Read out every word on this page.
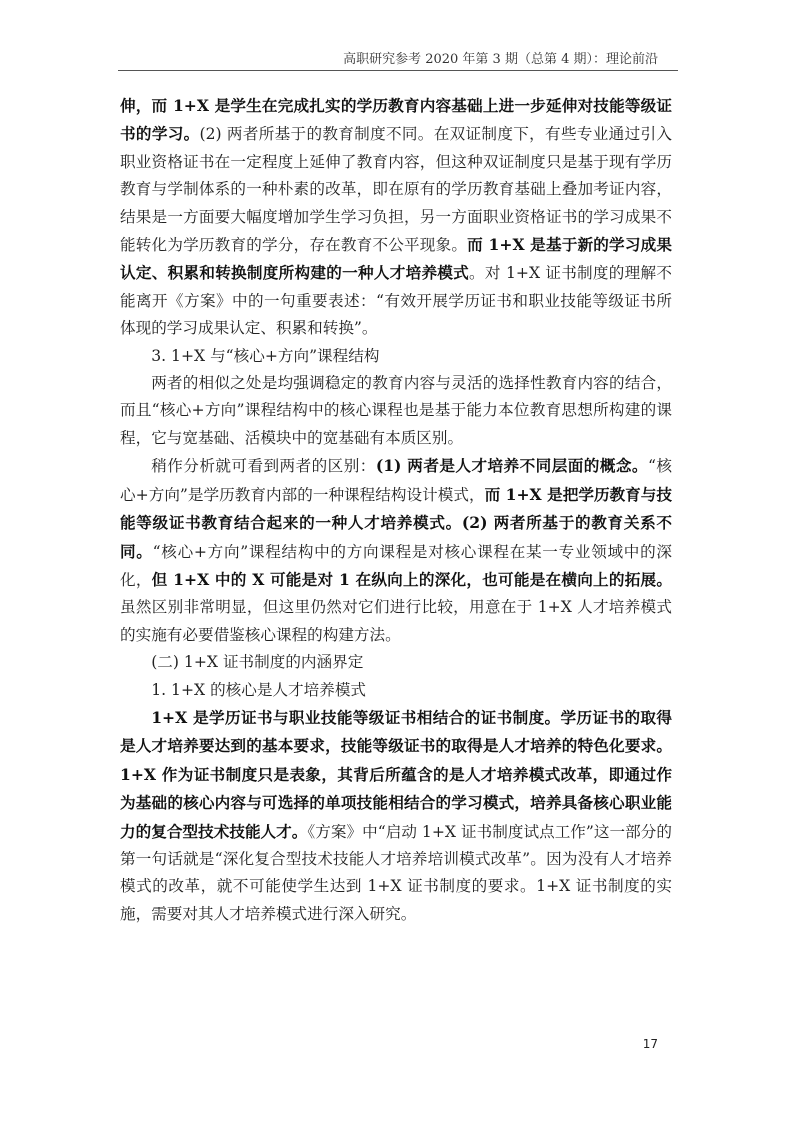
高职研究参考 2020 年第 3 期（总第 4 期）：理论前沿

伸，而 1+X 是学生在完成扎实的学历教育内容基础上进一步延伸对技能等级证书的学习。(2) 两者所基于的教育制度不同。在双证制度下，有些专业通过引入职业资格证书在一定程度上延伸了教育内容，但这种双证制度只是基于现有学历教育与学制体系的一种朴素的改革，即在原有的学历教育基础上叠加考证内容，结果是一方面要大幅度增加学生学习负担，另一方面职业资格证书的学习成果不能转化为学历教育的学分，存在教育不公平现象。而 1+X 是基于新的学习成果认定、积累和转换制度所构建的一种人才培养模式。对 1+X 证书制度的理解不能离开《方案》中的一句重要表述：“有效开展学历证书和职业技能等级证书所体现的学习成果认定、积累和转换”。

3. 1+X 与“核心+方向”课程结构

两者的相似之处是均强调稳定的教育内容与灵活的选择性教育内容的结合，而且“核心+方向”课程结构中的核心课程也是基于能力本位教育思想所构建的课程，它与宽基础、活模块中的宽基础有本质区别。

稍作分析就可看到两者的区别：(1) 两者是人才培养不同层面的概念。“核心+方向”是学历教育内部的一种课程结构设计模式，而 1+X 是把学历教育与技能等级证书教育结合起来的一种人才培养模式。(2) 两者所基于的教育关系不同。“核心+方向”课程结构中的方向课程是对核心课程在某一专业领域中的深化，但 1+X 中的 X 可能是对 1 在纵向上的深化，也可能是在横向上的拓展。虽然区别非常明显，但这里仍然对它们进行比较，用意在于 1+X 人才培养模式的实施有必要借鉴核心课程的构建方法。

(二) 1+X 证书制度的内涵界定

1. 1+X 的核心是人才培养模式

1+X 是学历证书与职业技能等级证书相结合的证书制度。学历证书的取得是人才培养要达到的基本要求，技能等级证书的取得是人才培养的特色化要求。1+X 作为证书制度只是表象，其背后所蕴含的是人才培养模式改革，即通过作为基础的核心内容与可选择的单项技能相结合的学习模式，培养具备核心职业能力的复合型技术技能人才。《方案》中“启动 1+X 证书制度试点工作”这一部分的第一句话就是“深化复合型技术技能人才培养培训模式改革”。因为没有人才培养模式的改革，就不可能使学生达到 1+X 证书制度的要求。1+X 证书制度的实施，需要对其人才培养模式进行深入研究。

17
